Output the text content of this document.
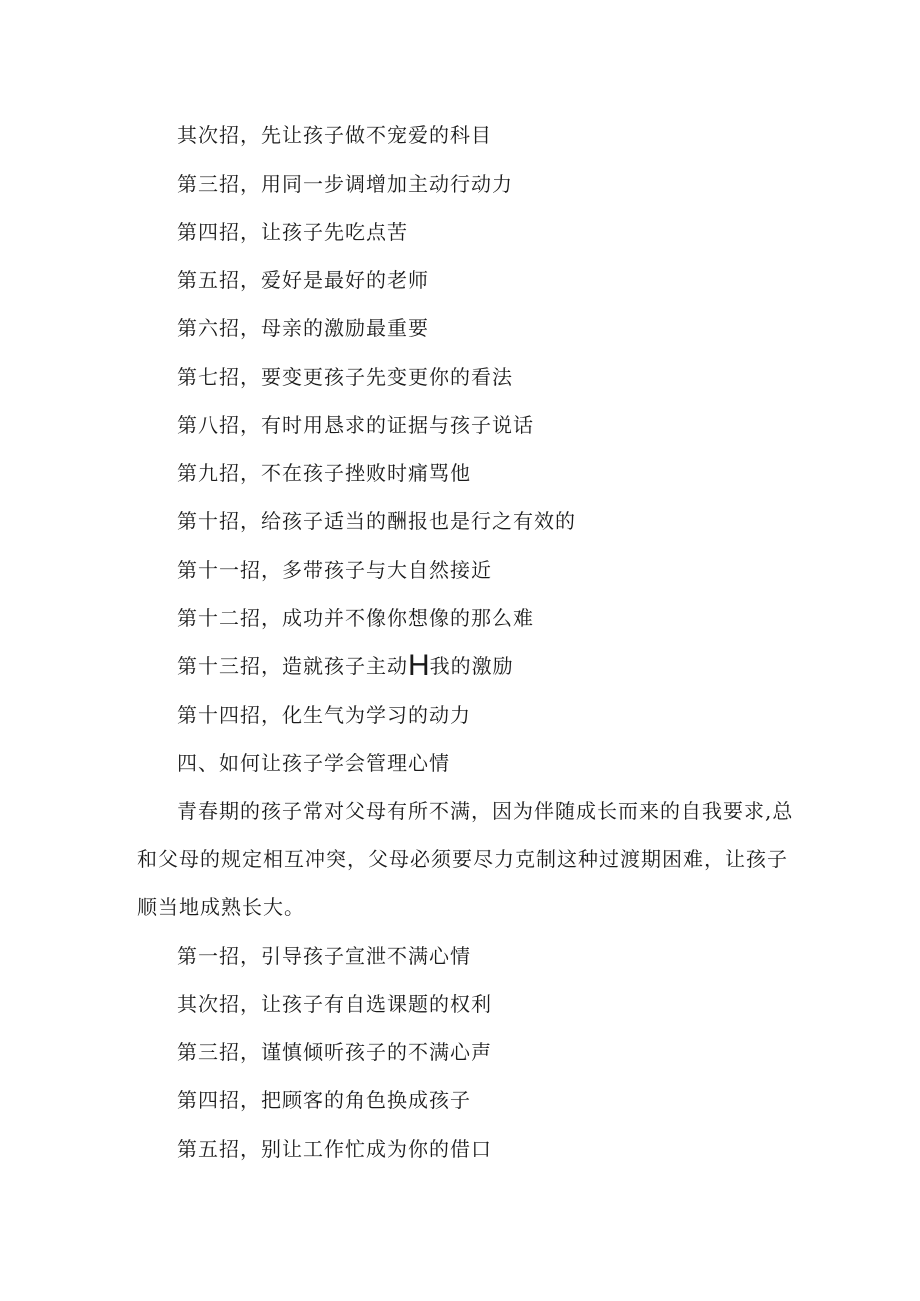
其次招，先让孩子做不宠爱的科目
第三招，用同一步调增加主动行动力
第四招，让孩子先吃点苦
第五招，爱好是最好的老师
第六招，母亲的激励最重要
第七招，要变更孩子先变更你的看法
第八招，有时用恳求的证据与孩子说话
第九招，不在孩子挫败时痛骂他
第十招，给孩子适当的酬报也是行之有效的
第十一招，多带孩子与大自然接近
第十二招，成功并不像你想像的那么难
第十三招，造就孩子主动H我的激励
第十四招，化生气为学习的动力
四、如何让孩子学会管理心情
青春期的孩子常对父母有所不满，因为伴随成长而来的自我要求,总和父母的规定相互冲突，父母必须要尽力克制这种过渡期困难，让孩子顺当地成熟长大。
第一招，引导孩子宣泄不满心情
其次招，让孩子有自选课题的权利
第三招，谨慎倾听孩子的不满心声
第四招，把顾客的角色换成孩子
第五招，别让工作忙成为你的借口
